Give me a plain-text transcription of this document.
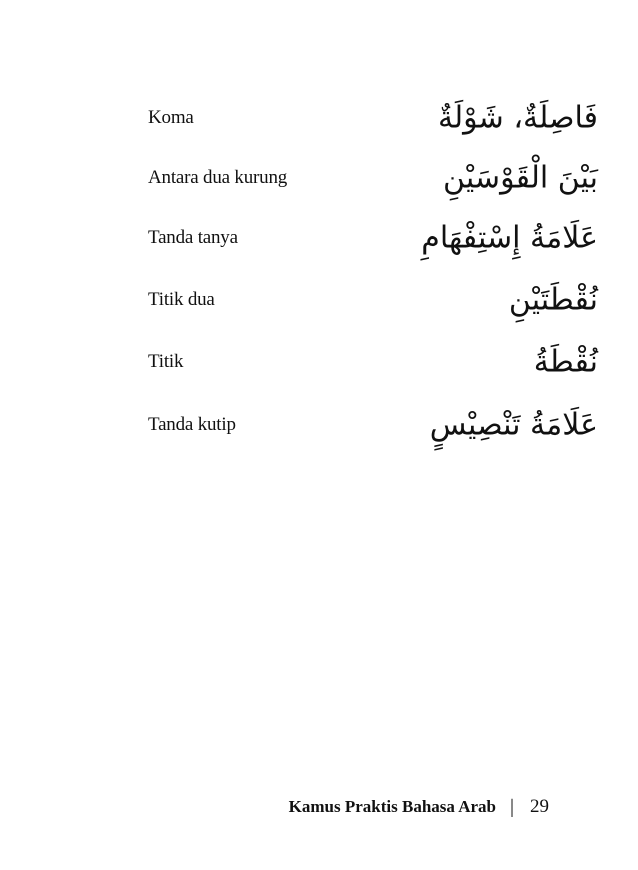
Koma	فَاصِلَةٌ، شَوْلَةٌ
Antara dua kurung	بَيْنَ الْقَوْسَيْنِ
Tanda tanya	عَلَامَةُ إِسْتِفْهَامِ
Titik dua	نُقْطَتَيْنِ
Titik	نُقْطَةُ
Tanda kutip	عَلَامَةُ تَنْصِيْسٍ
Kamus Praktis Bahasa Arab | 29
